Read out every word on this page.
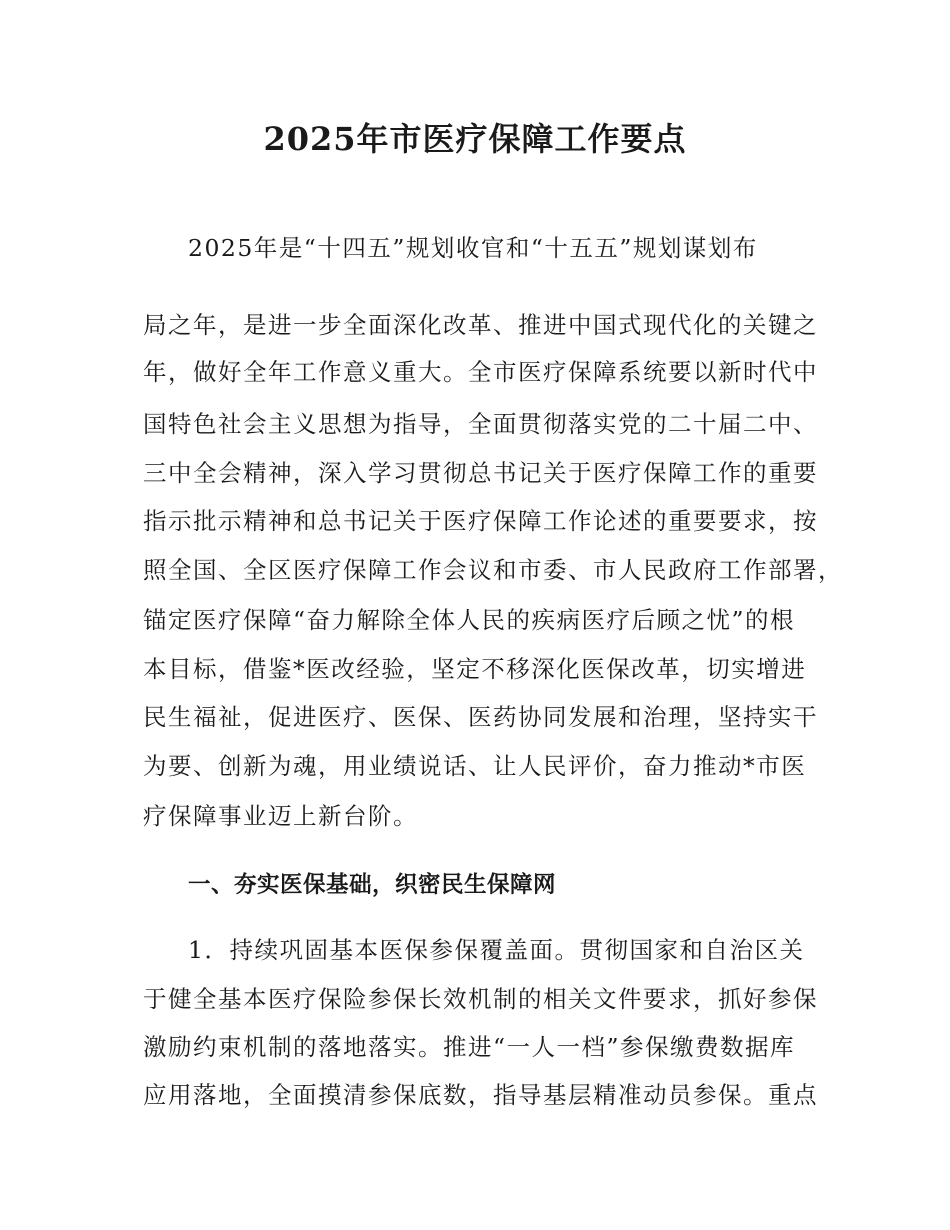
2025年市医疗保障工作要点
2025年是“十四五”规划收官和“十五五”规划谋划布
局之年，是进一步全面深化改革、推进中国式现代化的关键之
年，做好全年工作意义重大。全市医疗保障系统要以新时代中
国特色社会主义思想为指导，全面贯彻落实党的二十届二中、
三中全会精神，深入学习贯彻总书记关于医疗保障工作的重要
指示批示精神和总书记关于医疗保障工作论述的重要要求，按
照全国、全区医疗保障工作会议和市委、市人民政府工作部署，
锚定医疗保障“奋力解除全体人民的疾病医疗后顾之忧”的根
本目标，借鉴*医改经验，坚定不移深化医保改革，切实增进
民生福祉，促进医疗、医保、医药协同发展和治理，坚持实干
为要、创新为魂，用业绩说话、让人民评价，奋力推动*市医
疗保障事业迈上新台阶。
一、夯实医保基础，织密民生保障网
1．持续巩固基本医保参保覆盖面。贯彻国家和自治区关
于健全基本医疗保险参保长效机制的相关文件要求，抓好参保
激励约束机制的落地落实。推进“一人一档”参保缴费数据库
应用落地，全面摸清参保底数，指导基层精准动员参保。重点
